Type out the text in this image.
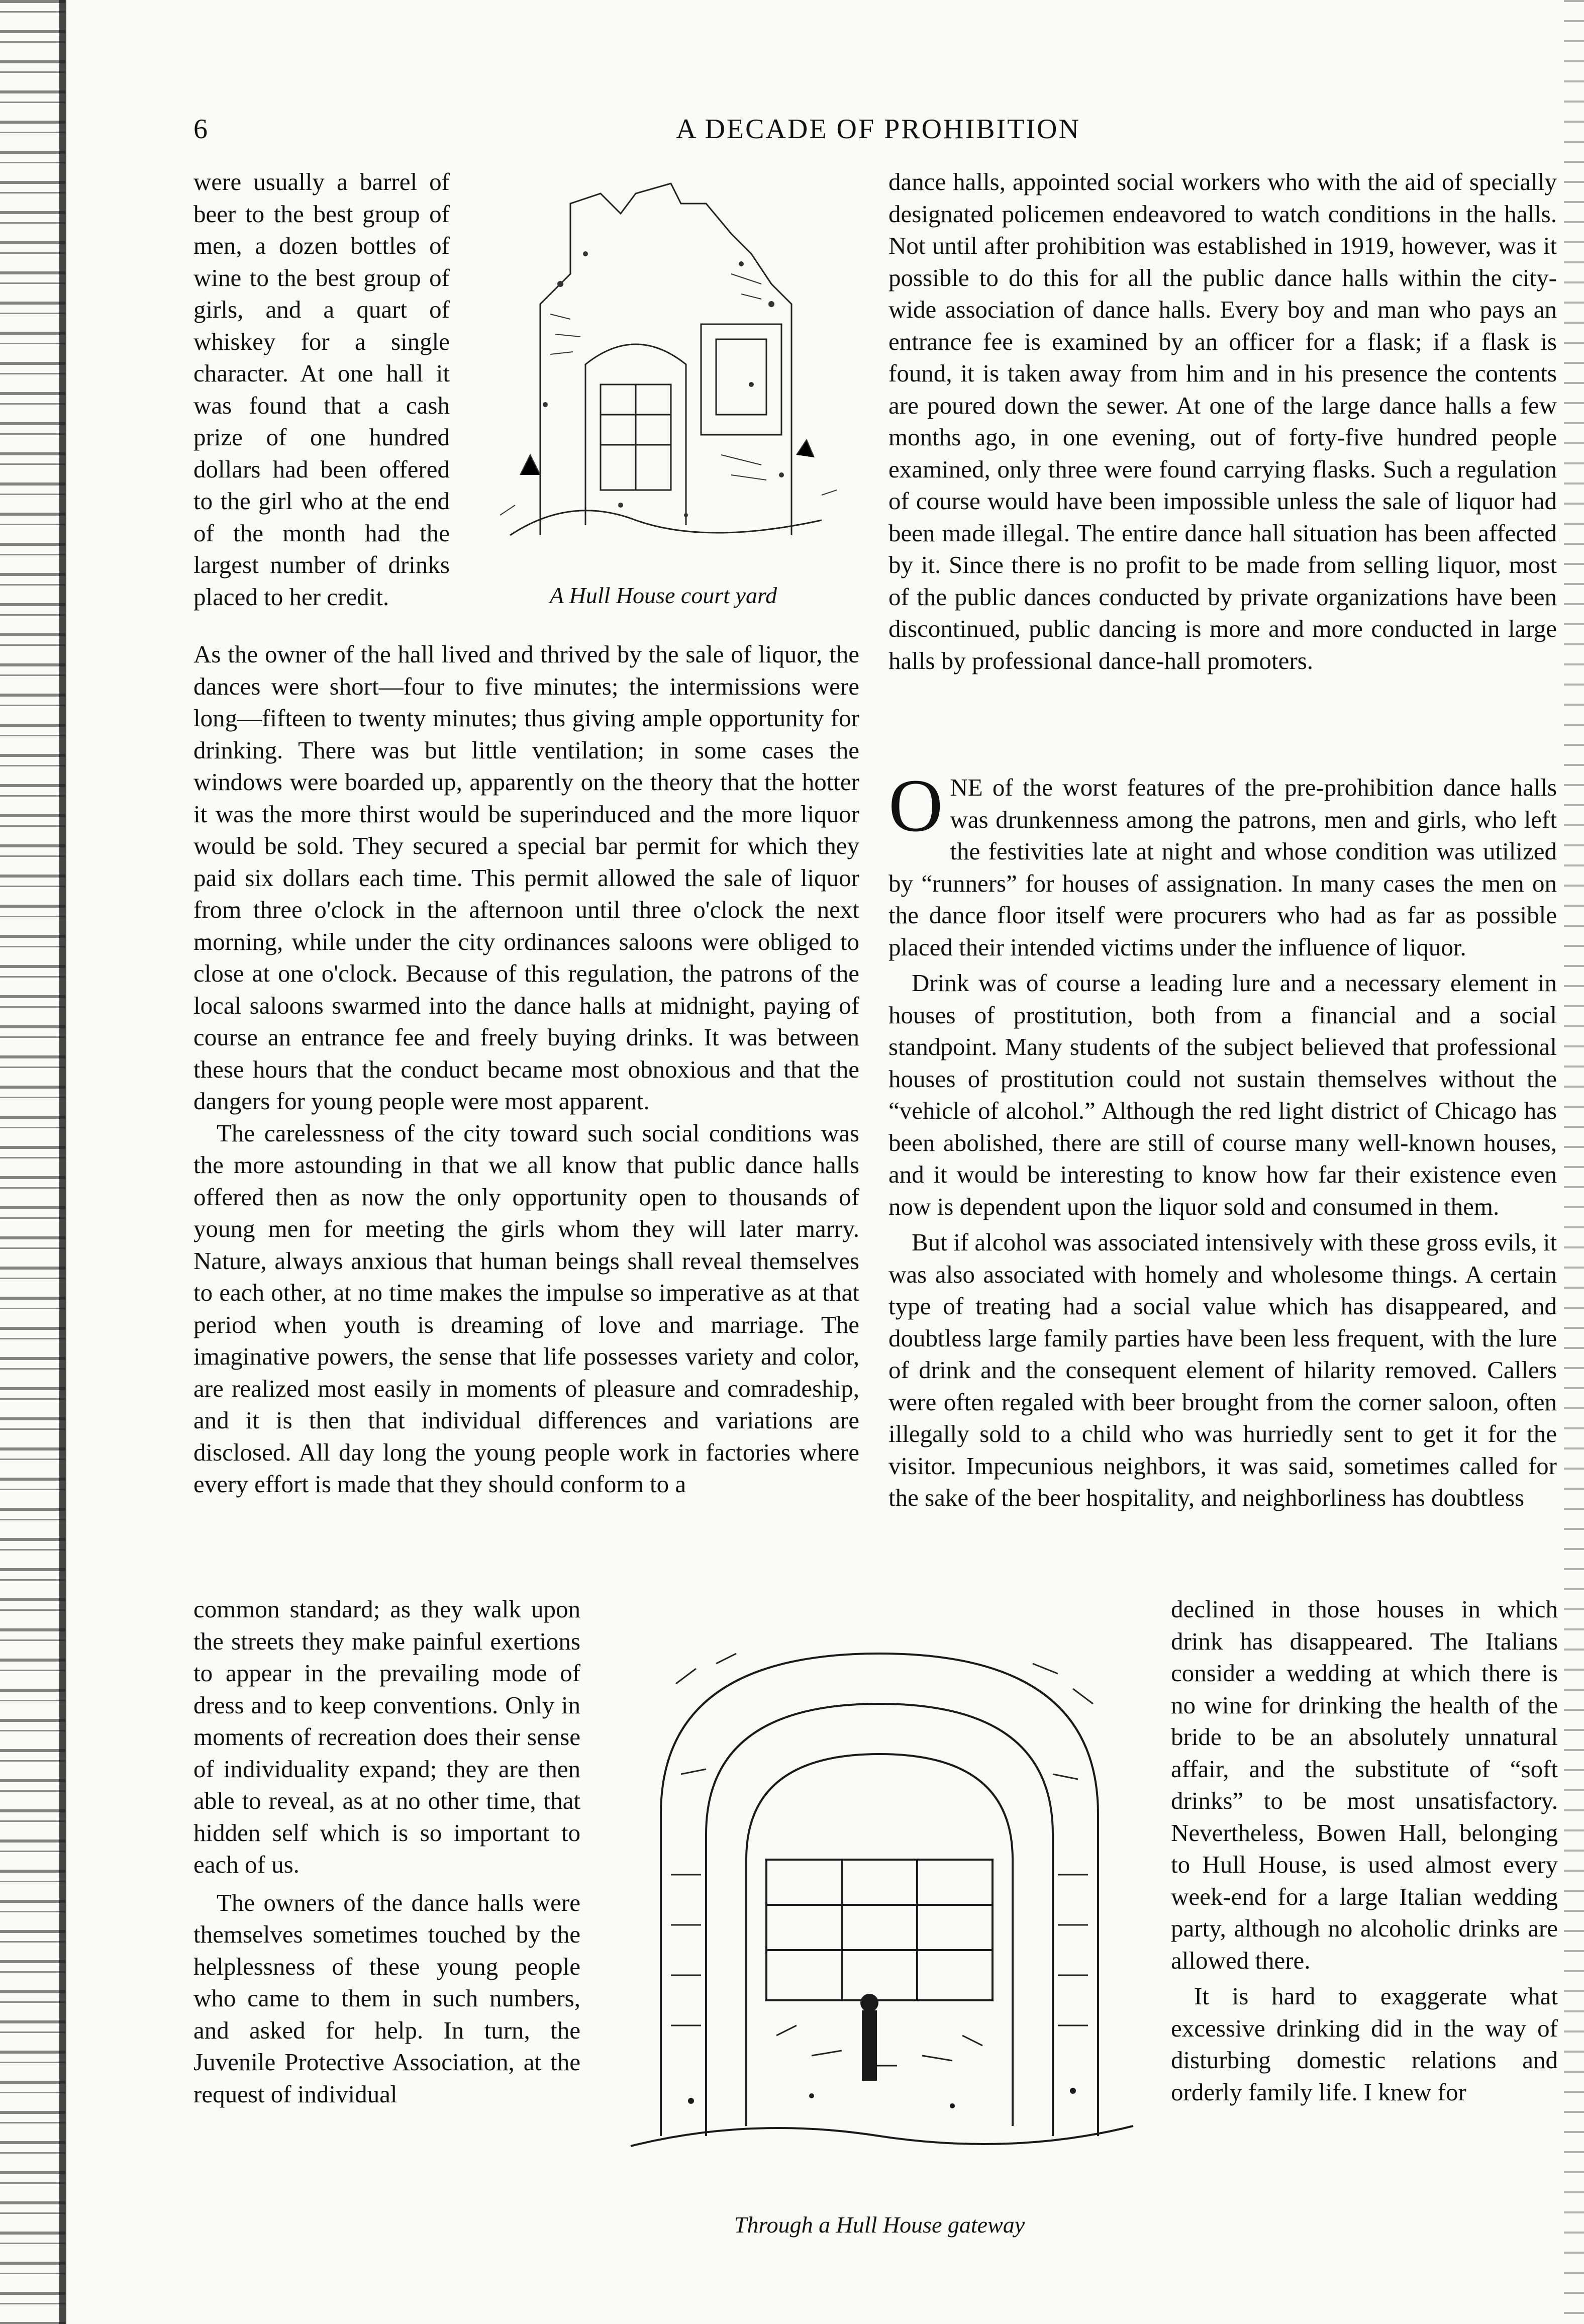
6	A DECADE OF PROHIBITION

were usually a barrel of beer to the best group of men, a dozen bottles of wine to the best group of girls, and a quart of whiskey for a single character. At one hall it was found that a cash prize of one hundred dollars had been offered to the girl who at the end of the month had the largest number of drinks placed to her credit.	A Hull House court yard

As the owner of the hall lived and thrived by the sale of liquor, the dances were short—four to five minutes; the intermissions were long—fifteen to twenty minutes; thus giving ample opportunity for drinking. There was but little ventilation; in some cases the windows were boarded up, apparently on the theory that the hotter it was the more thirst would be superinduced and the more liquor would be sold. They secured a special bar permit for which they paid six dollars each time. This permit allowed the sale of liquor from three o'clock in the afternoon until three o'clock the next morning, while under the city ordinances saloons were obliged to close at one o'clock. Because of this regulation, the patrons of the local saloons swarmed into the dance halls at midnight, paying of course an entrance fee and freely buying drinks. It was between these hours that the conduct became most obnoxious and that the dangers for young people were most apparent.

The carelessness of the city toward such social conditions was the more astounding in that we all know that public dance halls offered then as now the only opportunity open to thousands of young men for meeting the girls whom they will later marry. Nature, always anxious that human beings shall reveal themselves to each other, at no time makes the impulse so imperative as at that period when youth is dreaming of love and marriage. The imaginative powers, the sense that life possesses variety and color, are realized most easily in moments of pleasure and comradeship, and it is then that individual differences and variations are disclosed. All day long the young people work in factories where every effort is made that they should conform to a

common standard; as they walk upon the streets they make painful exertions to appear in the prevailing mode of dress and to keep conventions. Only in moments of recreation does their sense of individuality expand; they are then able to reveal, as at no other time, that hidden self which is so important to each of us.

The owners of the dance halls were themselves sometimes touched by the helplessness of these young people who came to them in such numbers, and asked for help. In turn, the Juvenile Protective Association, at the request of individual

dance halls, appointed social workers who with the aid of specially designated policemen endeavored to watch conditions in the halls. Not until after prohibition was established in 1919, however, was it possible to do this for all the public dance halls within the city-wide association of dance halls. Every boy and man who pays an entrance fee is examined by an officer for a flask; if a flask is found, it is taken away from him and in his presence the contents are poured down the sewer. At one of the large dance halls a few months ago, in one evening, out of forty-five hundred people examined, only three were found carrying flasks. Such a regulation of course would have been impossible unless the sale of liquor had been made illegal. The entire dance hall situation has been affected by it. Since there is no profit to be made from selling liquor, most of the public dances conducted by private organizations have been discontinued, public dancing is more and more conducted in large halls by professional dance-hall promoters.

ONE of the worst features of the pre-prohibition dance halls was drunkenness among the patrons, men and girls, who left the festivities late at night and whose condition was utilized by “runners” for houses of assignation. In many cases the men on the dance floor itself were procurers who had as far as possible placed their intended victims under the influence of liquor.

Drink was of course a leading lure and a necessary element in houses of prostitution, both from a financial and a social standpoint. Many students of the subject believed that professional houses of prostitution could not sustain themselves without the “vehicle of alcohol.” Although the red light district of Chicago has been abolished, there are still of course many well-known houses, and it would be interesting to know how far their existence even now is dependent upon the liquor sold and consumed in them.

But if alcohol was associated intensively with these gross evils, it was also associated with homely and wholesome things. A certain type of treating had a social value which has disappeared, and doubtless large family parties have been less frequent, with the lure of drink and the consequent element of hilarity removed. Callers were often regaled with beer brought from the corner saloon, often illegally sold to a child who was hurriedly sent to get it for the visitor. Impecunious neighbors, it was said, sometimes called for the sake of the beer hospitality, and neighborliness has doubtless

declined in those houses in which drink has disappeared. The Italians consider a wedding at which there is no wine for drinking the health of the bride to be an absolutely unnatural affair, and the substitute of “soft drinks” to be most unsatisfactory. Nevertheless, Bowen Hall, belonging to Hull House, is used almost every week-end for a large Italian wedding party, although no alcoholic drinks are allowed there.

It is hard to exaggerate what excessive drinking did in the way of disturbing domestic relations and orderly family life. I knew for

Through a Hull House gateway
